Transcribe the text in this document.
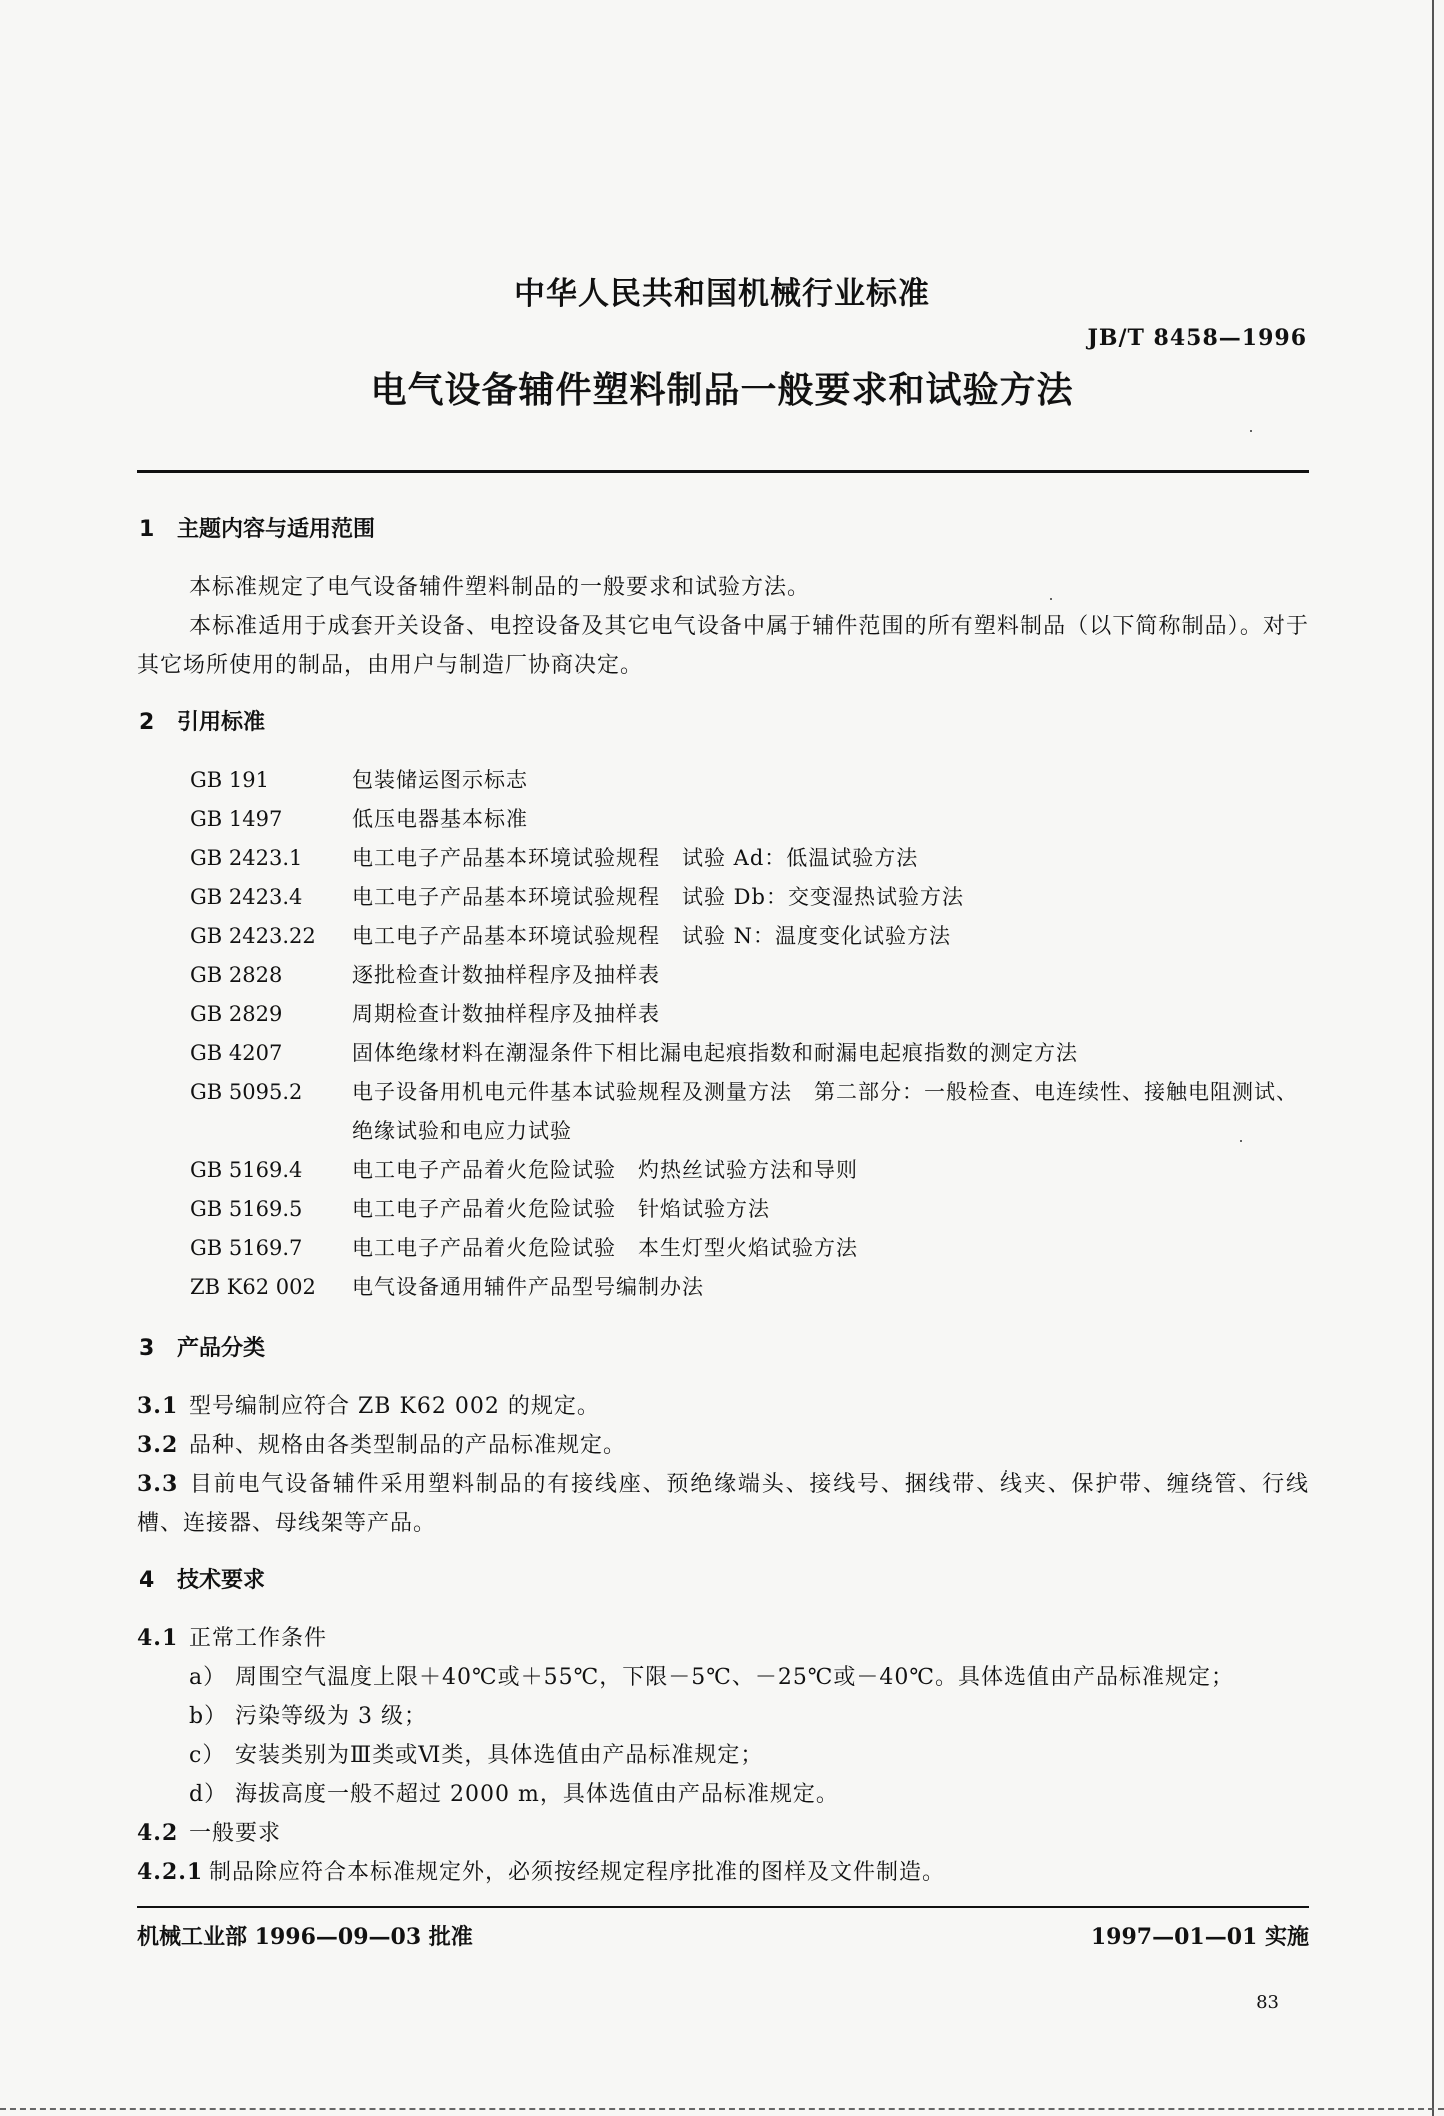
中华人民共和国机械行业标准
JB/T 8458—1996
电气设备辅件塑料制品一般要求和试验方法
1 主题内容与适用范围

本标准规定了电气设备辅件塑料制品的一般要求和试验方法。

本标准适用于成套开关设备、电控设备及其它电气设备中属于辅件范围的所有塑料制品（以下简称制品）。对于其它场所使用的制品，由用户与制造厂协商决定。

2 引用标准
GB 191	包装储运图示标志
GB 1497	低压电器基本标准
GB 2423.1	电工电子产品基本环境试验规程　试验 Ad：低温试验方法
GB 2423.4	电工电子产品基本环境试验规程　试验 Db：交变湿热试验方法
GB 2423.22	电工电子产品基本环境试验规程　试验 N：温度变化试验方法
GB 2828	逐批检查计数抽样程序及抽样表
GB 2829	周期检查计数抽样程序及抽样表
GB 4207	固体绝缘材料在潮湿条件下相比漏电起痕指数和耐漏电起痕指数的测定方法
GB 5095.2	电子设备用机电元件基本试验规程及测量方法　第二部分：一般检查、电连续性、接触电阻测试、绝缘试验和电应力试验
GB 5169.4	电工电子产品着火危险试验　灼热丝试验方法和导则
GB 5169.5	电工电子产品着火危险试验　针焰试验方法
GB 5169.7	电工电子产品着火危险试验　本生灯型火焰试验方法
ZB K62 002	电气设备通用辅件产品型号编制办法
3 产品分类
3.1 型号编制应符合 ZB K62 002 的规定。
3.2 品种、规格由各类型制品的产品标准规定。
3.3 目前电气设备辅件采用塑料制品的有接线座、预绝缘端头、接线号、捆线带、线夹、保护带、缠绕管、行线槽、连接器、母线架等产品。
4 技术要求
4.1 正常工作条件
a） 周围空气温度上限＋40℃或＋55℃，下限－5℃、－25℃或－40℃。具体选值由产品标准规定；
b） 污染等级为 3 级；
c） 安装类别为Ⅲ类或Ⅵ类，具体选值由产品标准规定；
d） 海拔高度一般不超过 2000 m，具体选值由产品标准规定。
4.2 一般要求
4.2.1 制品除应符合本标准规定外，必须按经规定程序批准的图样及文件制造。
机械工业部 1996—09—03 批准	1997—01—01 实施
83
